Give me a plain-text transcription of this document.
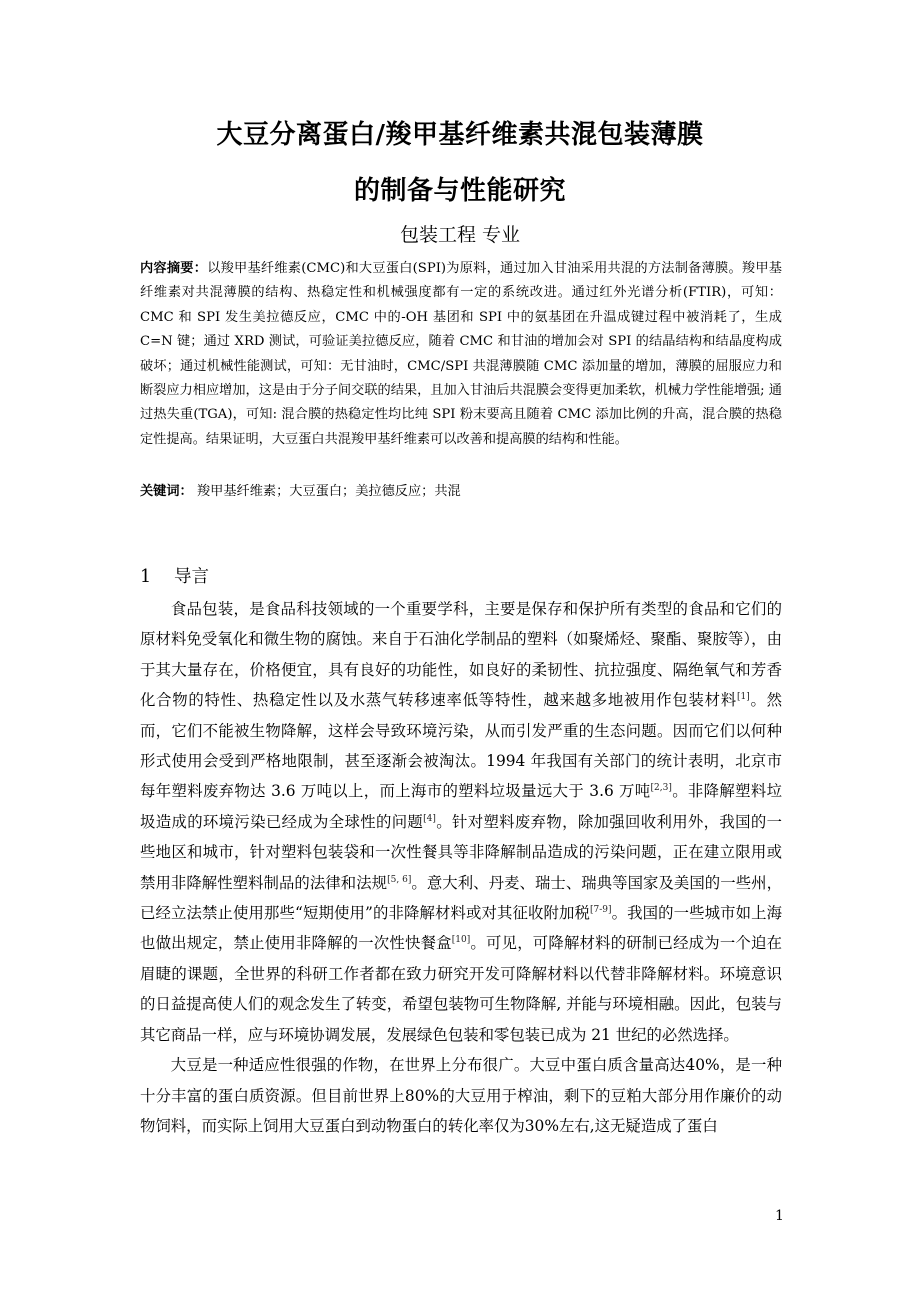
大豆分离蛋白/羧甲基纤维素共混包装薄膜
的制备与性能研究
包装工程 专业
内容摘要：以羧甲基纤维素(CMC)和大豆蛋白(SPI)为原料，通过加入甘油采用共混的方法制备薄膜。羧甲基纤维素对共混薄膜的结构、热稳定性和机械强度都有一定的系统改进。通过红外光谱分析(FTIR)，可知：CMC 和 SPI 发生美拉德反应，CMC 中的-OH 基团和 SPI 中的氨基团在升温成键过程中被消耗了，生成 C=N 键；通过 XRD 测试，可验证美拉德反应，随着 CMC 和甘油的增加会对 SPI 的结晶结构和结晶度构成破坏；通过机械性能测试，可知：无甘油时，CMC/SPI 共混薄膜随 CMC 添加量的增加，薄膜的屈服应力和断裂应力相应增加，这是由于分子间交联的结果，且加入甘油后共混膜会变得更加柔软，机械力学性能增强; 通过热失重(TGA)，可知: 混合膜的热稳定性均比纯 SPI 粉末要高且随着 CMC 添加比例的升高，混合膜的热稳定性提高。结果证明，大豆蛋白共混羧甲基纤维素可以改善和提高膜的结构和性能。
关键词： 羧甲基纤维素；大豆蛋白；美拉德反应；共混
1 导言

食品包装，是食品科技领域的一个重要学科，主要是保存和保护所有类型的食品和它们的原材料免受氧化和微生物的腐蚀。来自于石油化学制品的塑料（如聚烯烃、聚酯、聚胺等），由于其大量存在，价格便宜，具有良好的功能性，如良好的柔韧性、抗拉强度、隔绝氧气和芳香化合物的特性、热稳定性以及水蒸气转移速率低等特性，越来越多地被用作包装材料[1]。然而，它们不能被生物降解，这样会导致环境污染，从而引发严重的生态问题。因而它们以何种形式使用会受到严格地限制，甚至逐渐会被淘汰。1994 年我国有关部门的统计表明，北京市每年塑料废弃物达 3.6 万吨以上，而上海市的塑料垃圾量远大于 3.6 万吨[2,3]。非降解塑料垃圾造成的环境污染已经成为全球性的问题[4]。针对塑料废弃物，除加强回收利用外，我国的一些地区和城市，针对塑料包装袋和一次性餐具等非降解制品造成的污染问题，正在建立限用或禁用非降解性塑料制品的法律和法规[5, 6]。意大利、丹麦、瑞士、瑞典等国家及美国的一些州，已经立法禁止使用那些“短期使用”的非降解材料或对其征收附加税[7-9]。我国的一些城市如上海也做出规定，禁止使用非降解的一次性快餐盒[10]。可见，可降解材料的研制已经成为一个迫在眉睫的课题，全世界的科研工作者都在致力研究开发可降解材料以代替非降解材料。环境意识的日益提高使人们的观念发生了转变，希望包装物可生物降解, 并能与环境相融。因此，包装与其它商品一样，应与环境协调发展，发展绿色包装和零包装已成为 21 世纪的必然选择。

大豆是一种适应性很强的作物，在世界上分布很广。大豆中蛋白质含量高达40%，是一种十分丰富的蛋白质资源。但目前世界上80%的大豆用于榨油，剩下的豆粕大部分用作廉价的动物饲料，而实际上饲用大豆蛋白到动物蛋白的转化率仅为30%左右,这无疑造成了蛋白

1
